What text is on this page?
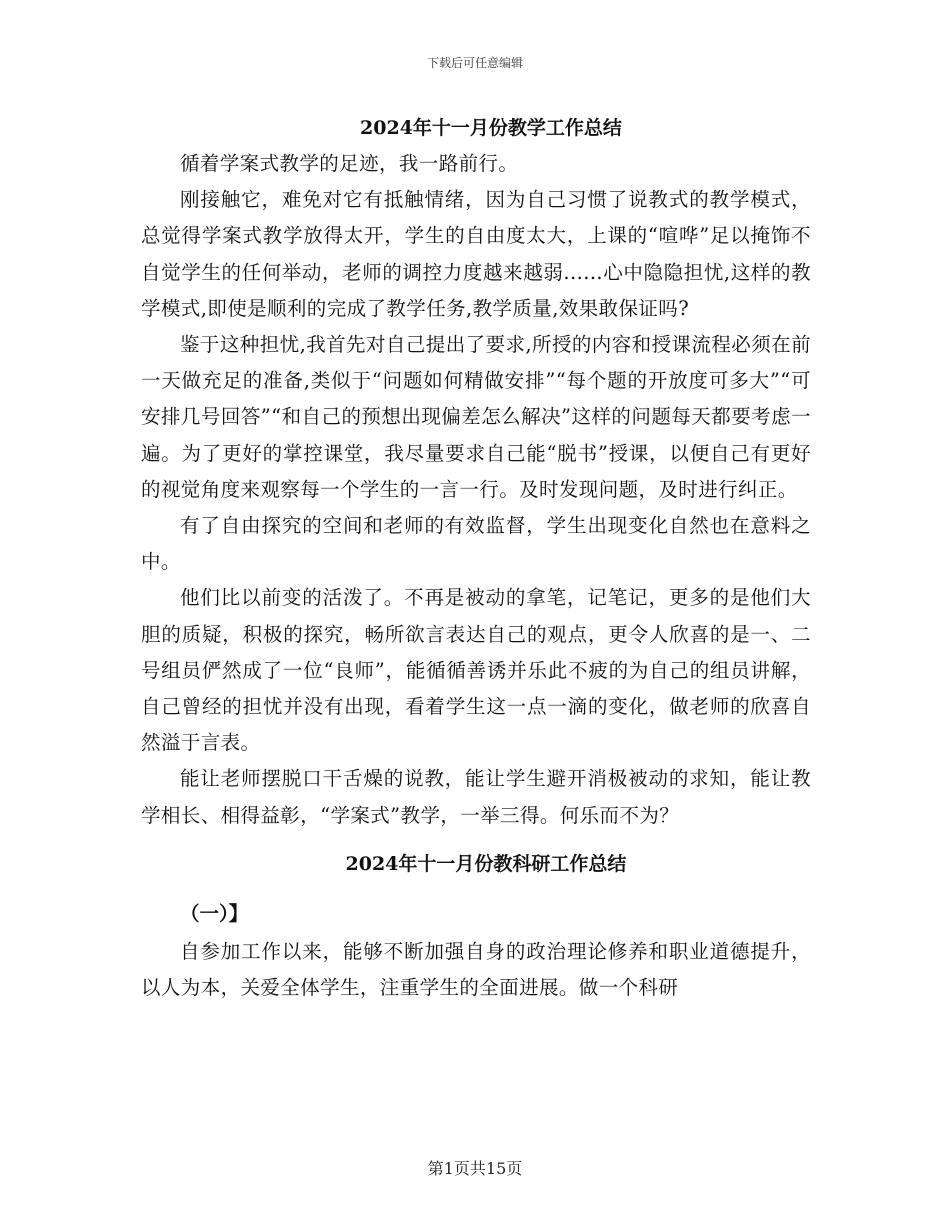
下载后可任意编辑
2024年十一月份教学工作总结

循着学案式教学的足迹，我一路前行。

刚接触它，难免对它有抵触情绪，因为自己习惯了说教式的教学模式，总觉得学案式教学放得太开，学生的自由度太大，上课的“喧哗”足以掩饰不自觉学生的任何举动，老师的调控力度越来越弱......心中隐隐担忧,这样的教学模式,即使是顺利的完成了教学任务,教学质量,效果敢保证吗?

鉴于这种担忧,我首先对自己提出了要求,所授的内容和授课流程必须在前一天做充足的准备,类似于“问题如何精做安排”“每个题的开放度可多大”“可安排几号回答”“和自己的预想出现偏差怎么解决”这样的问题每天都要考虑一遍。为了更好的掌控课堂，我尽量要求自己能“脱书”授课，以便自己有更好的视觉角度来观察每一个学生的一言一行。及时发现问题，及时进行纠正。

有了自由探究的空间和老师的有效监督，学生出现变化自然也在意料之中。

他们比以前变的活泼了。不再是被动的拿笔，记笔记，更多的是他们大胆的质疑，积极的探究，畅所欲言表达自己的观点，更令人欣喜的是一、二号组员俨然成了一位“良师”，能循循善诱并乐此不疲的为自己的组员讲解，自己曾经的担忧并没有出现，看着学生这一点一滴的变化，做老师的欣喜自然溢于言表。

能让老师摆脱口干舌燥的说教，能让学生避开消极被动的求知，能让教学相长、相得益彰，“学案式”教学，一举三得。何乐而不为？

2024年十一月份教科研工作总结

（一）】

自参加工作以来，能够不断加强自身的政治理论修养和职业道德提升，以人为本，关爱全体学生，注重学生的全面进展。做一个科研

第1页共15页
